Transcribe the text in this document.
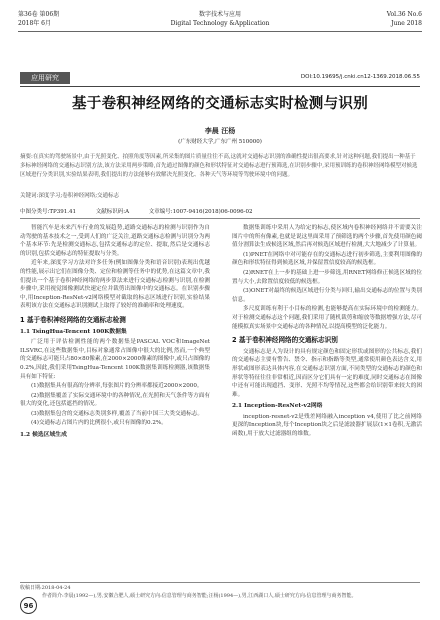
第36卷 第06期
2018年 6月
数字技术与应用
Digital Technology &Application
Vol.36 No.6
June 2018
应用研究	DOI:10.19695/j.cnki.cn12-1369.2018.06.55
基于卷积神经网络的交通标志实时检测与识别
李晨 汪杨
(广东财经大学,广东广州 510000)
摘要:在真实的驾驶场景中,由于光照变化、拍照角度等因素,所采集的图片质量往往不高,这就对交通标志识别的准确性提出很高要求,针对这种问题,我们提出一种基于多标神经网络的交通标志识别方法,该方法采用两步策略,首先通过图像的颜色和形状特征对交通标志进行预筛选,在识别步骤中,采用预训练的卷积神经网络模型对候选区域进行分类识别,实验结果表明,我们提出的方法能够有效解决光照变化、各种天气等环境等驾驶环境中的问题。
关键词:深度学习;卷积神经网络;交通标志
中图分类号:TP391.41	文献标识码:A	文章编号:1007-9416(2018)06-0096-02

智能汽车是未来汽车行业的发展趋势,道路交通标志的检测与识别作为自动驾驶的基本技术之一,受到人们的广泛关注,道路交通标志检测与识别分为两个基本环节:先是检测交通标志,包括交通标志的定位、提取,然后是交通标志的识别,包括交通标志的特征提取与分类。

近年来,深度学习方法对许多任务(例如图像分类和语音识别)表现出优越的性能,展示出它们在图像分类、定位和检测等任务中的优势,在这篇文章中,我们提出一个基于卷积神经网络的两步算法来进行交通标志检测与识别,在检测步骤中,采用视觉图像测试快速定位并裁剪出图像中的交通标志。在识别步骤中,用Inception-ResNet-v2网络模型对截取的标志区域进行识别,实验结果表明该方法在交通标志识别测试上取得了较好的准确率和处理速度。

1 基于卷积神经网络的交通标志检测
1.1 TsingHua-Tencent 100K数据集

广泛用于评估检测性能的两个数据集是PASCAL VOC和ImageNet ILSVRC,在这些数据集中,目标对象通常占图像中很大的比例,然而,一个典型的交通标志可能只占80×80像素,在2000×2000像素的图像中,或只占图像的0.2%,因此,我们采用TsingHua-Tencent 100K数据集训练检测器,该数据集具有如下特征:

(1)数据集具有很高的分辨率,每张图片的分辨率都接近2000×2000。

(2)数据集覆盖了实际交通环境中的各种情况,在光照和天气条件等方面有很大的变化,还包括遮挡的情况。

(3)数据集包含的交通标志类别多样,覆盖了当前中国三大类交通标志。

(4)交通标志占图片内的比例很小,或只有图像的0.2%。

1.2 候选区域生成

数据集训练中采用人为给定的标志,使区域内卷积神经网络并不需要关注图片中的所有像素,也就是说这里面采用了预筛选的两个步骤,首先使用颜色阈值分割算法生成候选区域,然后再对候选区域进行检测,大大地减少了计算量。

(1)PNET在网络中对可能存在的交通标志进行初步筛选,主要利用图像的颜色和形状特征得到候选区域,并保留置信度较高的候选框。

(2)RNET在上一步的基础上进一步筛选,用RNET网络修正候选区域的位置与大小,去除置信度较低的候选框。

(3)ONET对最终的候选区域进行分类与回归,输出交通标志的位置与类别信息。

多尺度训练有利于小目标的检测,也能够提高在实际环境中的检测能力。对于检测交通标志这个问题,我们采用了随机裁剪和缩放等数据增强方法,尽可能模拟真实场景中交通标志的各种情况,以提高模型的泛化能力。

2 基于卷积神经网络的交通标志识别

交通标志是人为设计的具有规定颜色和固定形状或图形的公共标志,我们的交通标志主要有警告、禁令、指示和指路等类型,通常使用颜色表达含义,用形状或图形表达具体内容,在交通标志识别方面,不同类型的交通标志的颜色和形状等特征往往非常相近,因而区分它们具有一定的难度,同时交通标志在图像中还有可能出现遮挡、变形、光照不均等情况,这些都会给识别带来较大的困难。

2.1 Inception-ResNet-v2网络

inception-resnet-v2是残差网络融入inception v4,使用了比之前网络更深的Inception块,每个Inception块之后是滤波器扩展层(1×1卷积,无激活函数),用于放大过滤器组的维数。

收稿日期:2018-04-24
作者简介:李晨(1992—),男,安徽合肥人,硕士研究方向:信息管理与商务智能;汪杨(1994—),男,江西湖口人,硕士研究方向:信息管理与商务智能。
96
